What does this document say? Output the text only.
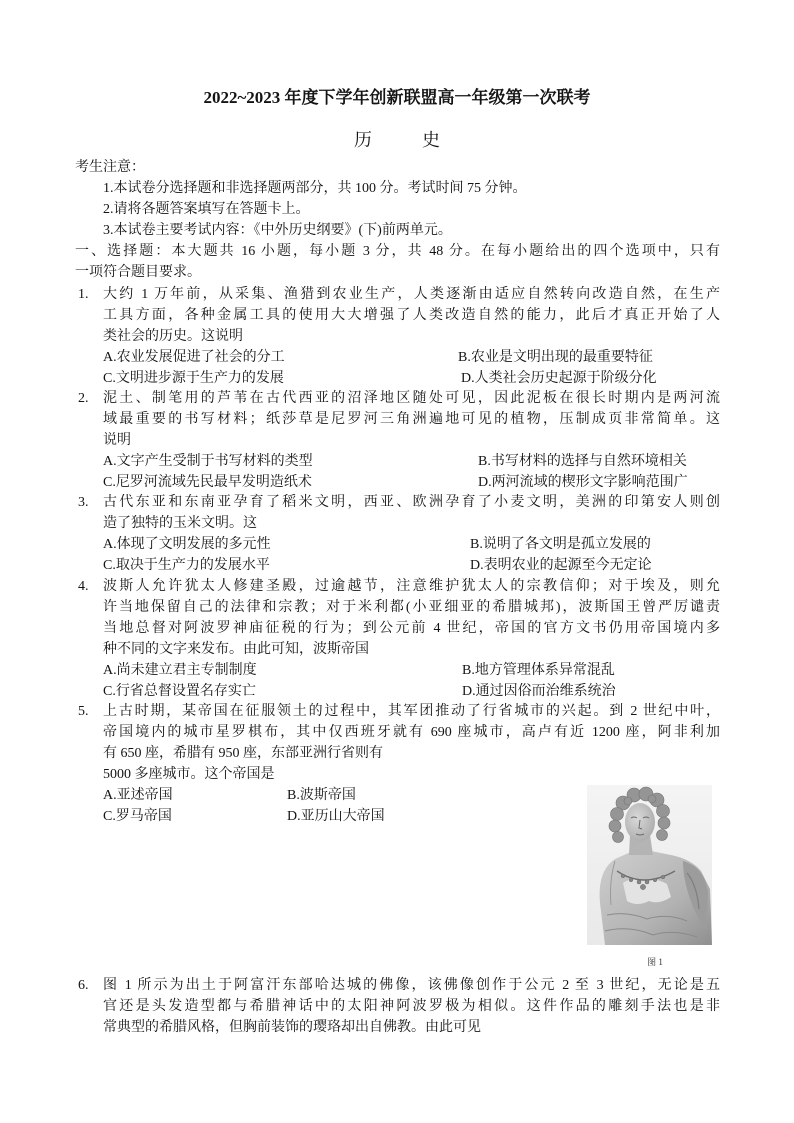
2022~2023 年度下学年创新联盟高一年级第一次联考
历　史
考生注意：
1.本试卷分选择题和非选择题两部分，共 100 分。考试时间 75 分钟。
2.请将各题答案填写在答题卡上。
3.本试卷主要考试内容：《中外历史纲要》(下)前两单元。
一、选择题：本大题共 16 小题，每小题 3 分，共 48 分。在每小题给出的四个选项中，只有
一项符合题目要求。
1. 大约 1 万年前，从采集、渔猎到农业生产，人类逐渐由适应自然转向改造自然，在生产
工具方面，各种金属工具的使用大大增强了人类改造自然的能力，此后才真正开始了人
类社会的历史。这说明
A.农业发展促进了社会的分工	B.农业是文明出现的最重要特征
C.文明进步源于生产力的发展	D.人类社会历史起源于阶级分化
2. 泥土、制笔用的芦苇在古代西亚的沼泽地区随处可见，因此泥板在很长时期内是两河流
域最重要的书写材料；纸莎草是尼罗河三角洲遍地可见的植物，压制成页非常简单。这
说明
A.文字产生受制于书写材料的类型	B.书写材料的选择与自然环境相关
C.尼罗河流域先民最早发明造纸术	D.两河流域的楔形文字影响范围广
3. 古代东亚和东南亚孕育了稻米文明，西亚、欧洲孕育了小麦文明，美洲的印第安人则创
造了独特的玉米文明。这
A.体现了文明发展的多元性	B.说明了各文明是孤立发展的
C.取决于生产力的发展水平	D.表明农业的起源至今无定论
4. 波斯人允许犹太人修建圣殿，过逾越节，注意维护犹太人的宗教信仰；对于埃及，则允
许当地保留自己的法律和宗教；对于米利都(小亚细亚的希腊城邦)，波斯国王曾严厉谴责
当地总督对阿波罗神庙征税的行为；到公元前 4 世纪，帝国的官方文书仍用帝国境内多
种不同的文字来发布。由此可知，波斯帝国
A.尚未建立君主专制制度	B.地方管理体系异常混乱
C.行省总督设置名存实亡	D.通过因俗而治维系统治
5. 上古时期，某帝国在征服领土的过程中，其军团推动了行省城市的兴起。到 2 世纪中叶，
帝国境内的城市星罗棋布，其中仅西班牙就有 690 座城市，高卢有近 1200 座，阿非利加
有 650 座，希腊有 950 座，东部亚洲行省则有
5000 多座城市。这个帝国是
A.亚述帝国	B.波斯帝国
C.罗马帝国	D.亚历山大帝国
图 1
6. 图 1 所示为出土于阿富汗东部哈达城的佛像，该佛像创作于公元 2 至 3 世纪，无论是五
官还是头发造型都与希腊神话中的太阳神阿波罗极为相似。这件作品的雕刻手法也是非
常典型的希腊风格，但胸前装饰的璎珞却出自佛教。由此可见
